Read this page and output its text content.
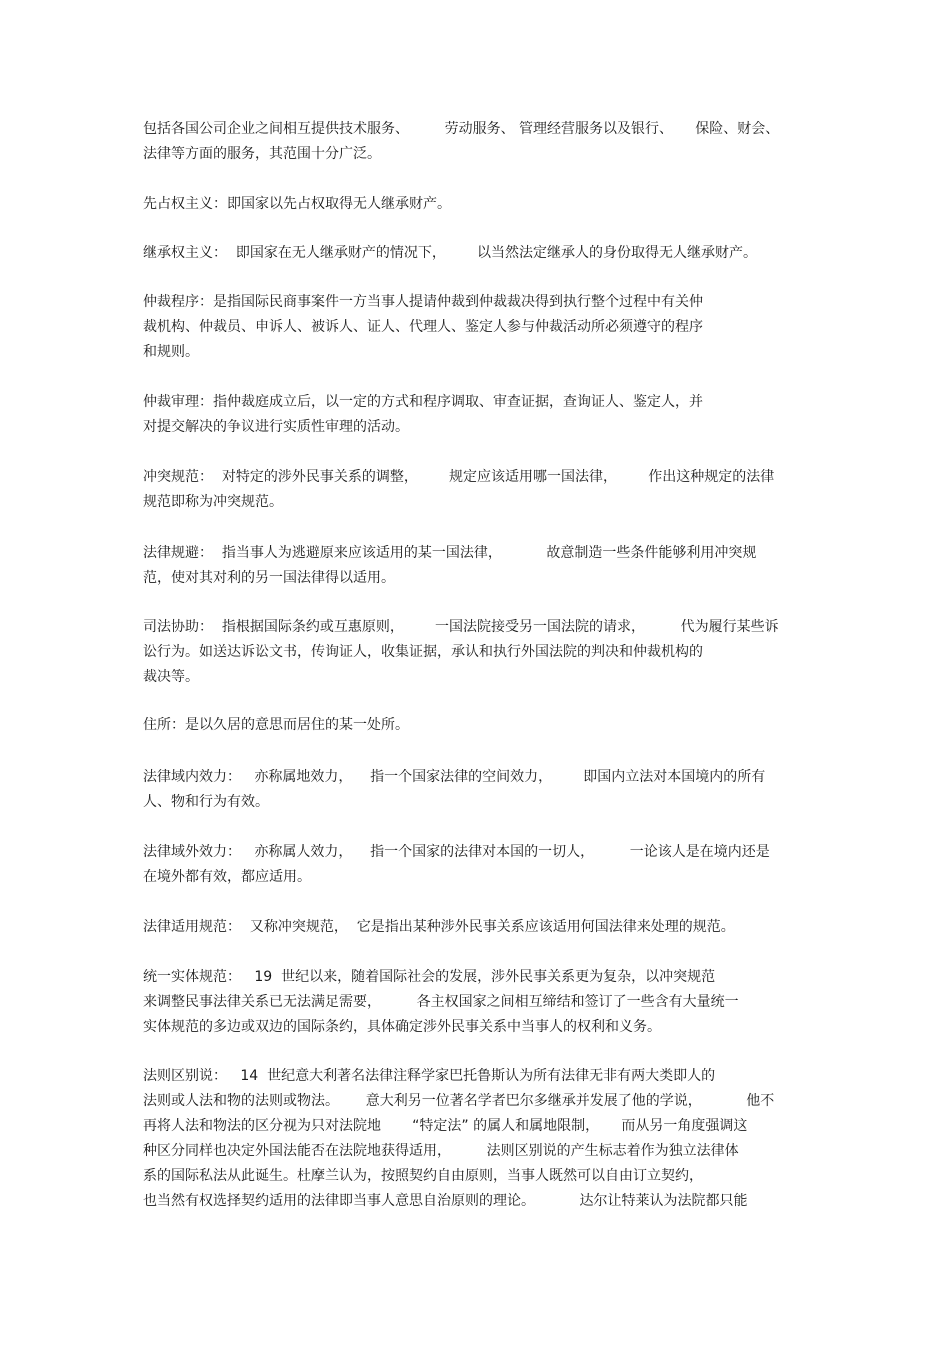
包括各国公司企业之间相互提供技术服务、        劳动服务、 管理经营服务以及银行、     保险、财会、
法律等方面的服务，其范围十分广泛。
先占权主义：即国家以先占权取得无人继承财产。
继承权主义：  即国家在无人继承财产的情况下，       以当然法定继承人的身份取得无人继承财产。
仲裁程序：是指国际民商事案件一方当事人提请仲裁到仲裁裁决得到执行整个过程中有关仲
裁机构、仲裁员、申诉人、被诉人、证人、代理人、鉴定人参与仲裁活动所必须遵守的程序
和规则。
仲裁审理：指仲裁庭成立后，以一定的方式和程序调取、审查证据，查询证人、鉴定人，并
对提交解决的争议进行实质性审理的活动。
冲突规范：  对特定的涉外民事关系的调整，       规定应该适用哪一国法律，       作出这种规定的法律
规范即称为冲突规范。
法律规避：  指当事人为逃避原来应该适用的某一国法律，          故意制造一些条件能够利用冲突规
范，使对其对利的另一国法律得以适用。
司法协助：  指根据国际条约或互惠原则，       一国法院接受另一国法院的请求，        代为履行某些诉
讼行为。如送达诉讼文书，传询证人，收集证据，承认和执行外国法院的判决和仲裁机构的
裁决等。
住所：是以久居的意思而居住的某一处所。
法律域内效力：   亦称属地效力，    指一个国家法律的空间效力，       即国内立法对本国境内的所有
人、物和行为有效。
法律域外效力：   亦称属人效力，    指一个国家的法律对本国的一切人，        一论该人是在境内还是
在境外都有效，都应适用。
法律适用规范：  又称冲突规范，  它是指出某种涉外民事关系应该适用何国法律来处理的规范。
统一实体规范：   19  世纪以来，随着国际社会的发展，涉外民事关系更为复杂，以冲突规范
来调整民事法律关系已无法满足需要，        各主权国家之间相互缔结和签订了一些含有大量统一
实体规范的多边或双边的国际条约，具体确定涉外民事关系中当事人的权利和义务。
法则区别说：   14  世纪意大利著名法律注释学家巴托鲁斯认为所有法律无非有两大类即人的
法则或人法和物的法则或物法。      意大利另一位著名学者巴尔多继承并发展了他的学说，          他不
再将人法和物法的区分视为只对法院地       “特定法” 的属人和属地限制，     而从另一角度强调这
种区分同样也决定外国法能否在法院地获得适用，        法则区别说的产生标志着作为独立法律体
系的国际私法从此诞生。杜摩兰认为，按照契约自由原则，当事人既然可以自由订立契约，
也当然有权选择契约适用的法律即当事人意思自治原则的理论。          达尔让特莱认为法院都只能
